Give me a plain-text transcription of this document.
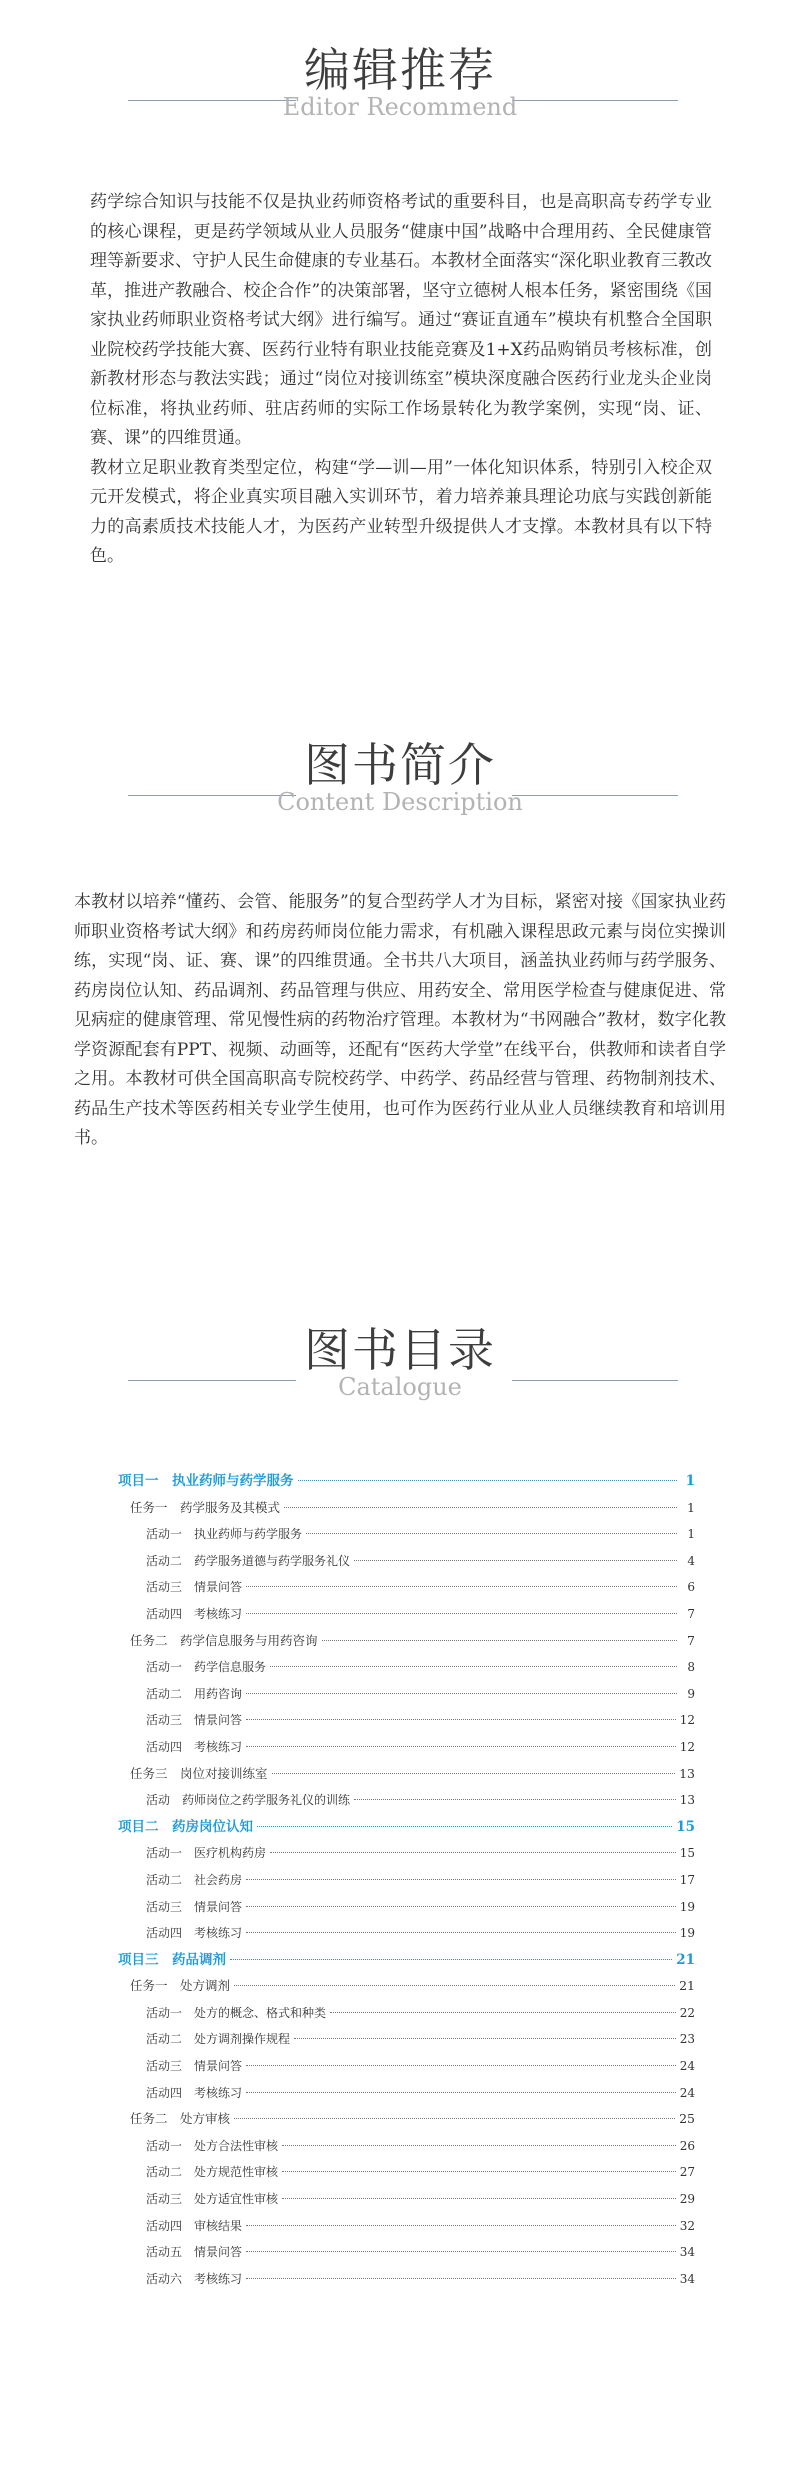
编辑推荐
Editor Recommend

药学综合知识与技能不仅是执业药师资格考试的重要科目，也是高职高专药学专业的核心课程，更是药学领域从业人员服务“健康中国”战略中合理用药、全民健康管理等新要求、守护人民生命健康的专业基石。本教材全面落实“深化职业教育三教改革，推进产教融合、校企合作”的决策部署，坚守立德树人根本任务，紧密围绕《国家执业药师职业资格考试大纲》进行编写。通过“赛证直通车”模块有机整合全国职业院校药学技能大赛、医药行业特有职业技能竞赛及1+X药品购销员考核标准，创新教材形态与教法实践；通过“岗位对接训练室”模块深度融合医药行业龙头企业岗位标准，将执业药师、驻店药师的实际工作场景转化为教学案例，实现“岗、证、赛、课”的四维贯通。

教材立足职业教育类型定位，构建“学—训—用”一体化知识体系，特别引入校企双元开发模式，将企业真实项目融入实训环节，着力培养兼具理论功底与实践创新能力的高素质技术技能人才，为医药产业转型升级提供人才支撑。本教材具有以下特色。

图书简介
Content Description

本教材以培养“懂药、会管、能服务”的复合型药学人才为目标，紧密对接《国家执业药师职业资格考试大纲》和药房药师岗位能力需求，有机融入课程思政元素与岗位实操训练，实现“岗、证、赛、课”的四维贯通。全书共八大项目，涵盖执业药师与药学服务、药房岗位认知、药品调剂、药品管理与供应、用药安全、常用医学检查与健康促进、常见病症的健康管理、常见慢性病的药物治疗管理。本教材为“书网融合”教材，数字化教学资源配套有PPT、视频、动画等，还配有“医药大学堂”在线平台，供教师和读者自学之用。本教材可供全国高职高专院校药学、中药学、药品经营与管理、药物制剂技术、药品生产技术等医药相关专业学生使用，也可作为医药行业从业人员继续教育和培训用书。

图书目录
Catalogue
项目一　执业药师与药学服务	1
任务一　药学服务及其模式	1
活动一　执业药师与药学服务	1
活动二　药学服务道德与药学服务礼仪	4
活动三　情景问答	6
活动四　考核练习	7
任务二　药学信息服务与用药咨询	7
活动一　药学信息服务	8
活动二　用药咨询	9
活动三　情景问答	12
活动四　考核练习	12
任务三　岗位对接训练室	13
活动　药师岗位之药学服务礼仪的训练	13
项目二　药房岗位认知	15
活动一　医疗机构药房	15
活动二　社会药房	17
活动三　情景问答	19
活动四　考核练习	19
项目三　药品调剂	21
任务一　处方调剂	21
活动一　处方的概念、格式和种类	22
活动二　处方调剂操作规程	23
活动三　情景问答	24
活动四　考核练习	24
任务二　处方审核	25
活动一　处方合法性审核	26
活动二　处方规范性审核	27
活动三　处方适宜性审核	29
活动四　审核结果	32
活动五　情景问答	34
活动六　考核练习	34
